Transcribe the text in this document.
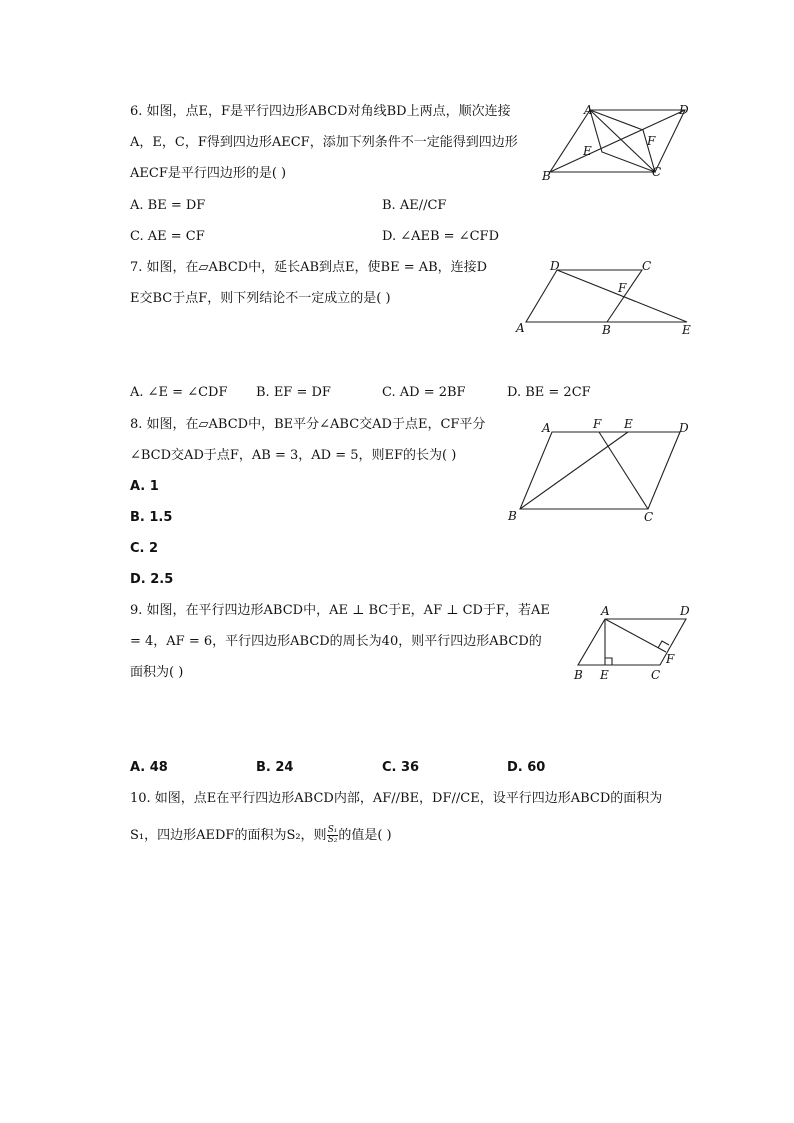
6. 如图，点E，F是平行四边形ABCD对角线BD上两点，顺次连接
A，E，C，F得到四边形AECF，添加下列条件不一定能得到四边形
AECF是平行四边形的是( )
A	D
B	C
E
F
A. BE = DF	B. AE//CF
C. AE = CF	D. ∠AEB = ∠CFD
7. 如图，在▱ABCD中，延长AB到点E，使BE = AB，连接D
E交BC于点F，则下列结论不一定成立的是( )
D	C
F
A	B	E
A. ∠E = ∠CDF B. EF = DF	C. AD = 2BF	D. BE = 2CF
8. 如图，在▱ABCD中，BE平分∠ABC交AD于点E，CF平分
∠BCD交AD于点F，AB = 3，AD = 5，则EF的长为( )
A	F E	D
B	C
A. 1
B. 1.5
C. 2
D. 2.5
9. 如图，在平行四边形ABCD中，AE ⊥ BC于E，AF ⊥ CD于F，若AE
= 4，AF = 6，平行四边形ABCD的周长为40，则平行四边形ABCD的
面积为( )
A	D
F
B E	C
A. 48	B. 24	C. 36	D. 60
10. 如图，点E在平行四边形ABCD内部，AF//BE，DF//CE，设平行四边形ABCD的面积为
S₁，四边形AEDF的面积为S₂，则 $\frac{\text{S₁}}{\text{S₂}}$ 的值是( )
